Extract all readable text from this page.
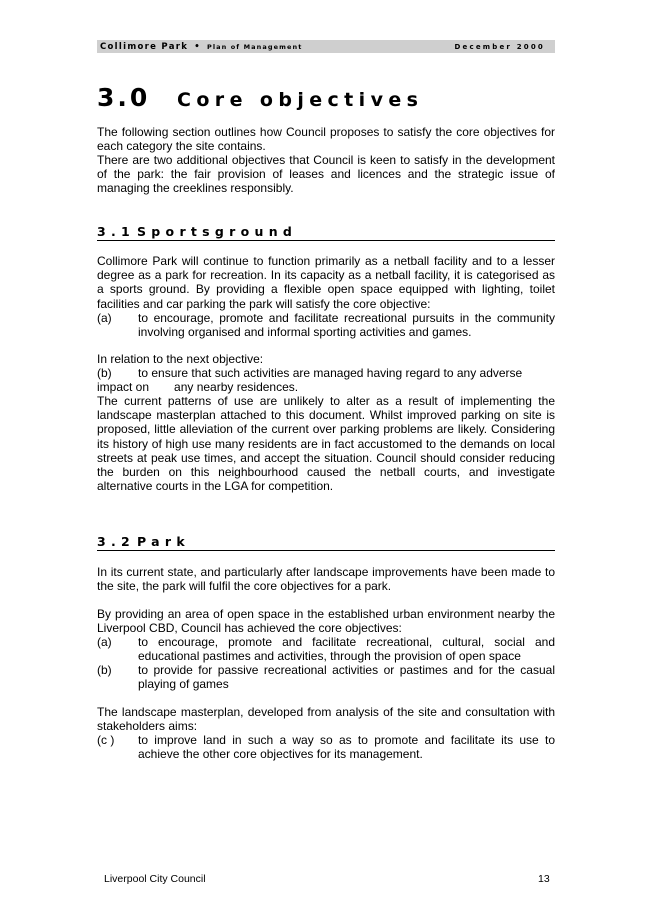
Collimore Park • Plan of Management	December 2000
3.0 Core objectives

The following section outlines how Council proposes to satisfy the core objectives for each category the site contains.

There are two additional objectives that Council is keen to satisfy in the development of the park: the fair provision of leases and licences and the strategic issue of managing the creeklines responsibly.

3.1 Sportsground

Collimore Park will continue to function primarily as a netball facility and to a lesser degree as a park for recreation. In its capacity as a netball facility, it is categorised as a sports ground. By providing a flexible open space equipped with lighting, toilet facilities and car parking the park will satisfy the core objective:

(a) to encourage, promote and facilitate recreational pursuits in the community involving organised and informal sporting activities and games.

In relation to the next objective:

(b) to ensure that such activities are managed having regard to any adverse
impact on any nearby residences.

The current patterns of use are unlikely to alter as a result of implementing the landscape masterplan attached to this document. Whilst improved parking on site is proposed, little alleviation of the current over parking problems are likely. Considering its history of high use many residents are in fact accustomed to the demands on local streets at peak use times, and accept the situation. Council should consider reducing the burden on this neighbourhood caused the netball courts, and investigate alternative courts in the LGA for competition.

3.2 Park

In its current state, and particularly after landscape improvements have been made to the site, the park will fulfil the core objectives for a park.

By providing an area of open space in the established urban environment nearby the Liverpool CBD, Council has achieved the core objectives:

(a) to encourage, promote and facilitate recreational, cultural, social and educational pastimes and activities, through the provision of open space
(b) to provide for passive recreational activities or pastimes and for the casual playing of games

The landscape masterplan, developed from analysis of the site and consultation with stakeholders aims:

(c ) to improve land in such a way so as to promote and facilitate its use to achieve the other core objectives for its management.
Liverpool City Council	13
